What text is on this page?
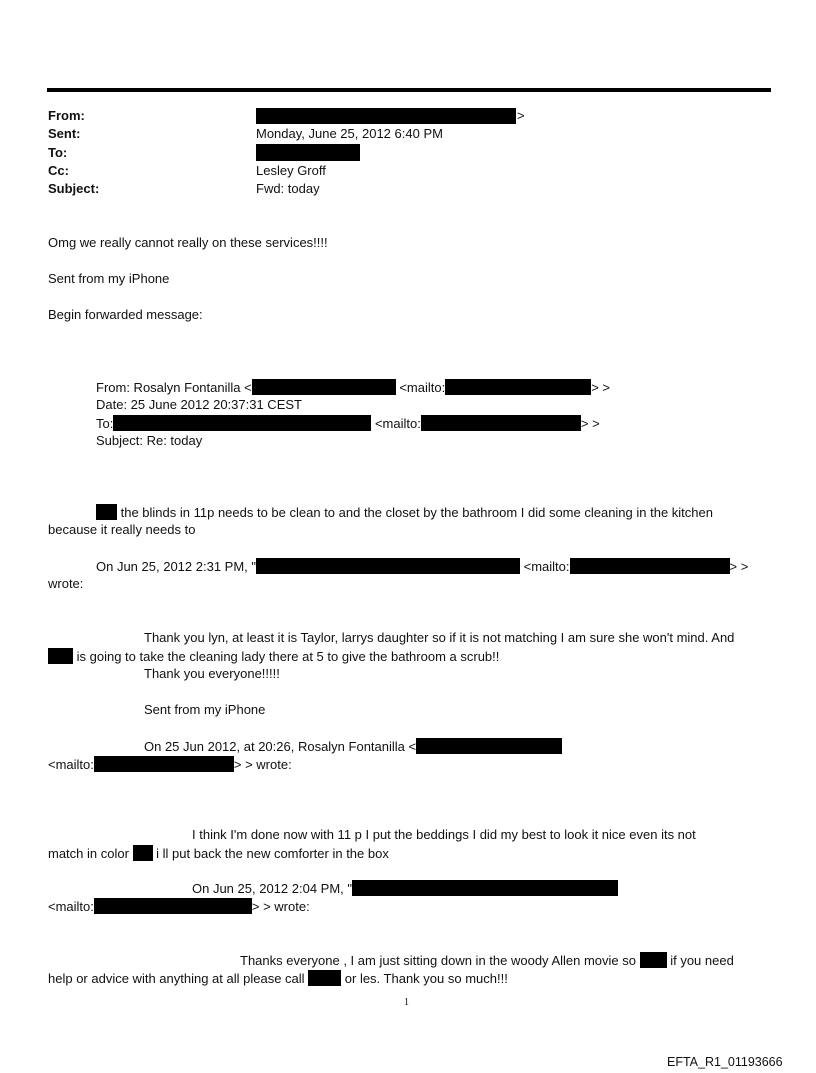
From:	>
Sent:	Monday, June 25, 2012 6:40 PM
To:
Cc:	Lesley Groff
Subject:	Fwd: today
Omg we really cannot really on these services!!!!
Sent from my iPhone
Begin forwarded message:
From: Rosalyn Fontanilla <	<mailto:	> >
Date: 25 June 2012 20:37:31 CEST
To:	<mailto:	> >
Subject: Re: today
the blinds in 11p needs to be clean to and the closet by the bathroom I did some cleaning in the kitchen
because it really needs to
On Jun 25, 2012 2:31 PM, "	<mailto:	> >
wrote:
Thank you lyn, at least it is Taylor, larrys daughter so if it is not matching I am sure she won't mind. And
is going to take the cleaning lady there at 5 to give the bathroom a scrub!!
Thank you everyone!!!!!
Sent from my iPhone
On 25 Jun 2012, at 20:26, Rosalyn Fontanilla <
<mailto:	> > wrote:
I think I'm done now with 11 p I put the beddings I did my best to look it nice even its not
match in color  i ll put back the new comforter in the box
On Jun 25, 2012 2:04 PM, "
<mailto:	> > wrote:
Thanks everyone , I am just sitting down in the woody Allen movie so  if you need
help or advice with anything at all please call	or les. Thank you so much!!!
1
EFTA_R1_01193666
